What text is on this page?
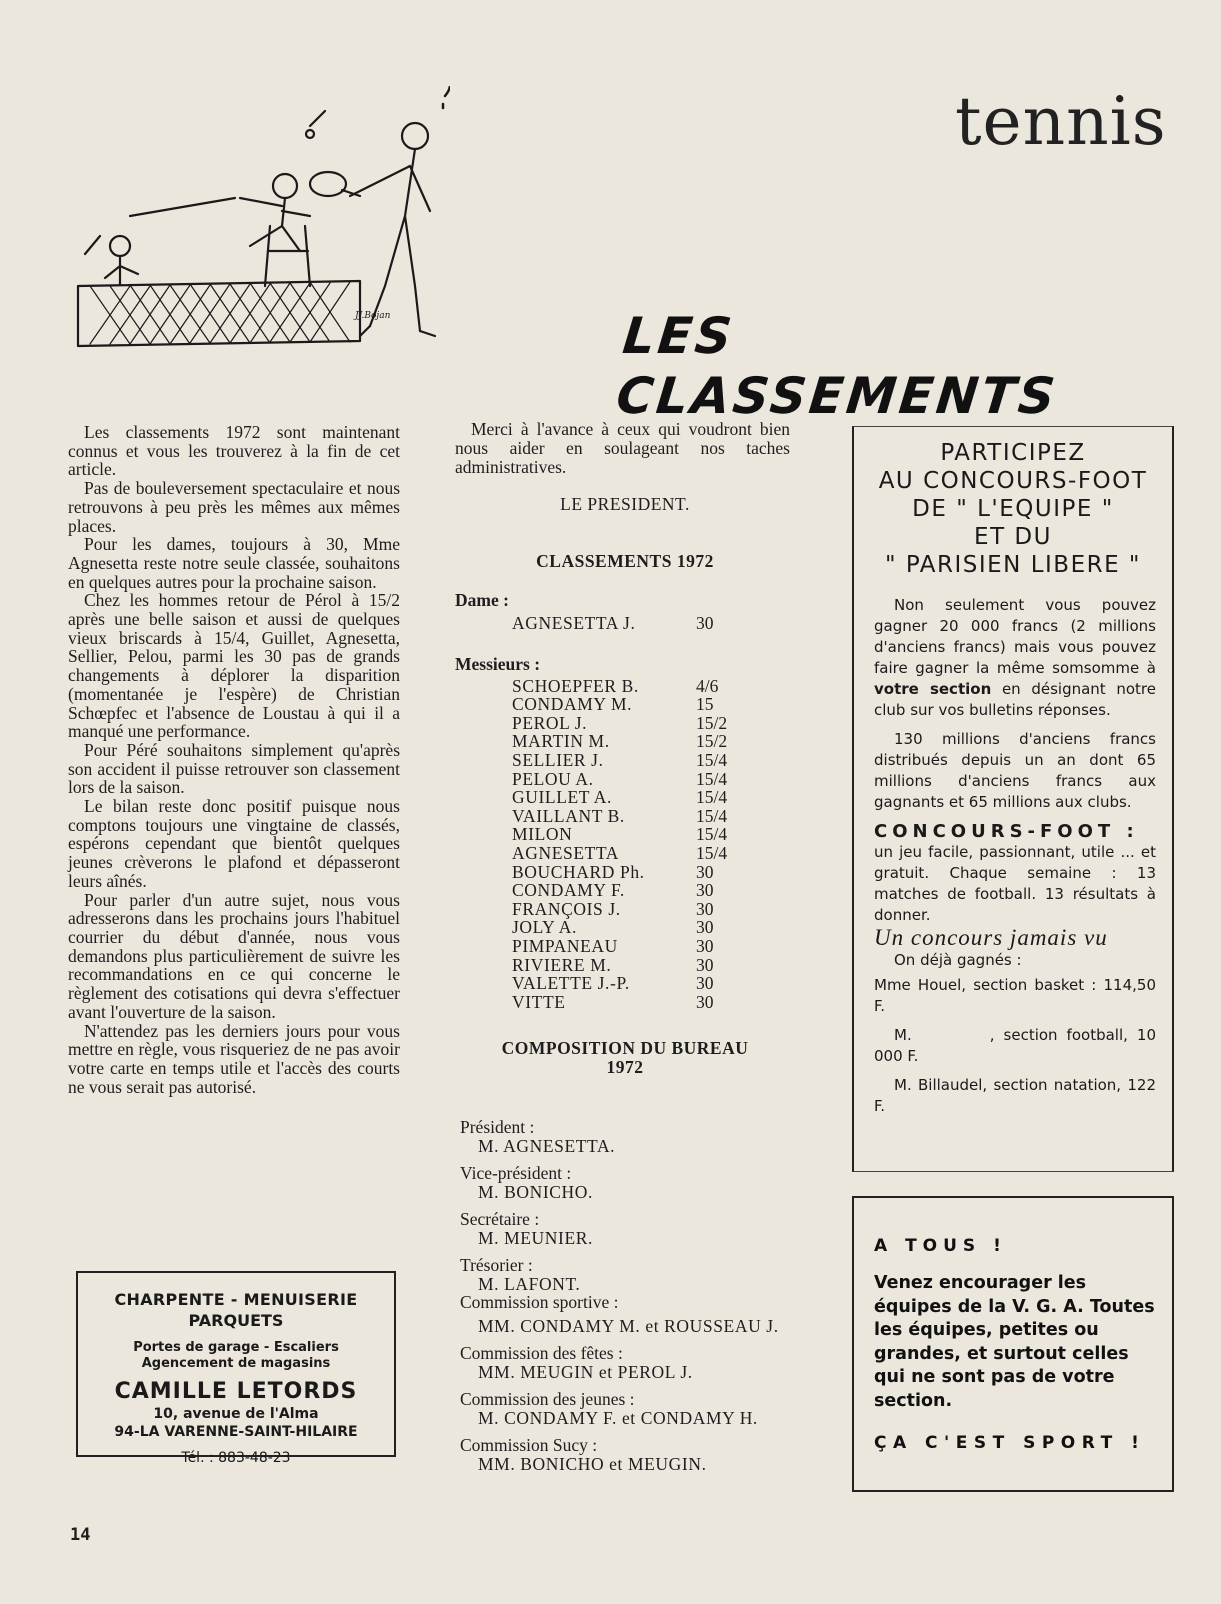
tennis
LES CLASSEMENTS
JJ.Bojan

Les classements 1972 sont maintenant connus et vous les trouverez à la fin de cet article.

Pas de bouleversement spectaculaire et nous retrouvons à peu près les mêmes aux mêmes places.

Pour les dames, toujours à 30, Mme Agnesetta reste notre seule classée, souhaitons en quelques autres pour la prochaine saison.

Chez les hommes retour de Pérol à 15/2 après une belle saison et aussi de quelques vieux briscards à 15/4, Guillet, Agnesetta, Sellier, Pelou, parmi les 30 pas de grands changements à déplorer la disparition (momentanée je l'espère) de Christian Schœpfec et l'absence de Loustau à qui il a manqué une performance.

Pour Péré souhaitons simplement qu'après son accident il puisse retrouver son classement lors de la saison.

Le bilan reste donc positif puisque nous comptons toujours une vingtaine de classés, espérons cependant que bientôt quelques jeunes crèverons le plafond et dépasseront leurs aînés.

Pour parler d'un autre sujet, nous vous adresserons dans les prochains jours l'habituel courrier du début d'année, nous vous demandons plus particulièrement de suivre les recommandations en ce qui concerne le règlement des cotisations qui devra s'effectuer avant l'ouverture de la saison.

N'attendez pas les derniers jours pour vous mettre en règle, vous risqueriez de ne pas avoir votre carte en temps utile et l'accès des courts ne vous serait pas autorisé.

CHARPENTE - MENUISERIE
PARQUETS
Portes de garage - Escaliers
Agencement de magasins
CAMILLE LETORDS
10, avenue de l'Alma
94-LA VARENNE-SAINT-HILAIRE
Tél. : 883-48-23

Merci à l'avance à ceux qui voudront bien nous aider en soulageant nos taches administratives.

LE PRESIDENT.
CLASSEMENTS 1972
Dame :
AGNESETTA J.	30
Messieurs :
SCHOEPFER B.	4/6
CONDAMY M.	15
PEROL J.	15/2
MARTIN M.	15/2
SELLIER J.	15/4
PELOU A.	15/4
GUILLET A.	15/4
VAILLANT B.	15/4
MILON	15/4
AGNESETTA	15/4
BOUCHARD Ph.	30
CONDAMY F.	30
FRANÇOIS J.	30
JOLY A.	30
PIMPANEAU	30
RIVIERE M.	30
VALETTE J.-P.	30
VITTE	30
COMPOSITION DU BUREAU
1972

Président :

M. AGNESETTA.

Vice-président :

M. BONICHO.

Secrétaire :

M. MEUNIER.

Trésorier :

M. LAFONT.

Commission sportive :

MM. CONDAMY M. et ROUSSEAU J.

Commission des fêtes :

MM. MEUGIN et PEROL J.

Commission des jeunes :

M. CONDAMY F. et CONDAMY H.

Commission Sucy :

MM. BONICHO et MEUGIN.

PARTICIPEZ
AU CONCOURS-FOOT
DE " L'EQUIPE "
ET DU
" PARISIEN LIBERE "

Non seulement vous pouvez gagner 20 000 francs (2 millions d'anciens francs) mais vous pouvez faire gagner la même somsomme à votre section en désignant notre club sur vos bulletins réponses.

130 millions d'anciens francs distribués depuis un an dont 65 millions d'anciens francs aux gagnants et 65 millions aux clubs.

CONCOURS-FOOT :

un jeu facile, passionnant, utile ... et gratuit. Chaque semaine : 13 matches de football. 13 résultats à donner.

Un concours jamais vu
On déjà gagnés :

Mme Houel, section basket : 114,50 F.

M.	, section football, 10 000 F.

M. Billaudel, section natation, 122 F.

A TOUS !
Venez encourager les équipes de la V. G. A. Toutes les équipes, petites ou grandes, et surtout celles qui ne sont pas de votre section.
ÇA C'EST SPORT !
14
